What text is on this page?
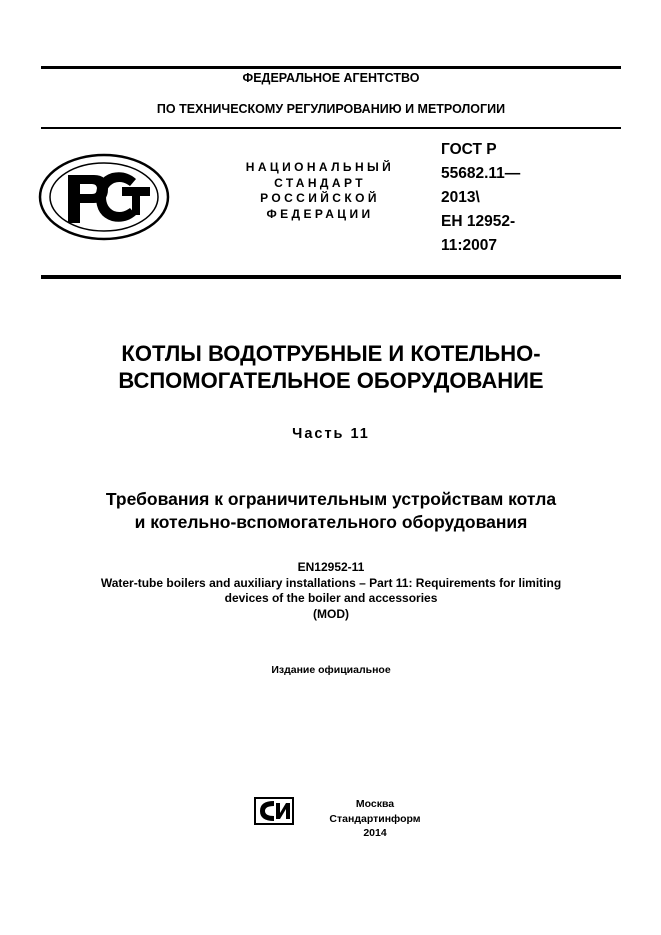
ФЕДЕРАЛЬНОЕ АГЕНТСТВО
ПО ТЕХНИЧЕСКОМУ РЕГУЛИРОВАНИЮ И МЕТРОЛОГИИ
НАЦИОНАЛЬНЫЙ
СТАНДАРТ
РОССИЙСКОЙ
ФЕДЕРАЦИИ
ГОСТ Р
55682.11—
2013\
ЕН 12952-
11:2007
КОТЛЫ ВОДОТРУБНЫЕ И КОТЕЛЬНО-
ВСПОМОГАТЕЛЬНОЕ ОБОРУДОВАНИЕ
Часть 11
Требования к ограничительным устройствам котла
и котельно-вспомогательного оборудования
EN12952-11
Water-tube boilers and auxiliary installations – Part 11: Requirements for limiting
devices of the boiler and accessories
(MOD)
Издание официальное
Москва
Стандартинформ
2014
